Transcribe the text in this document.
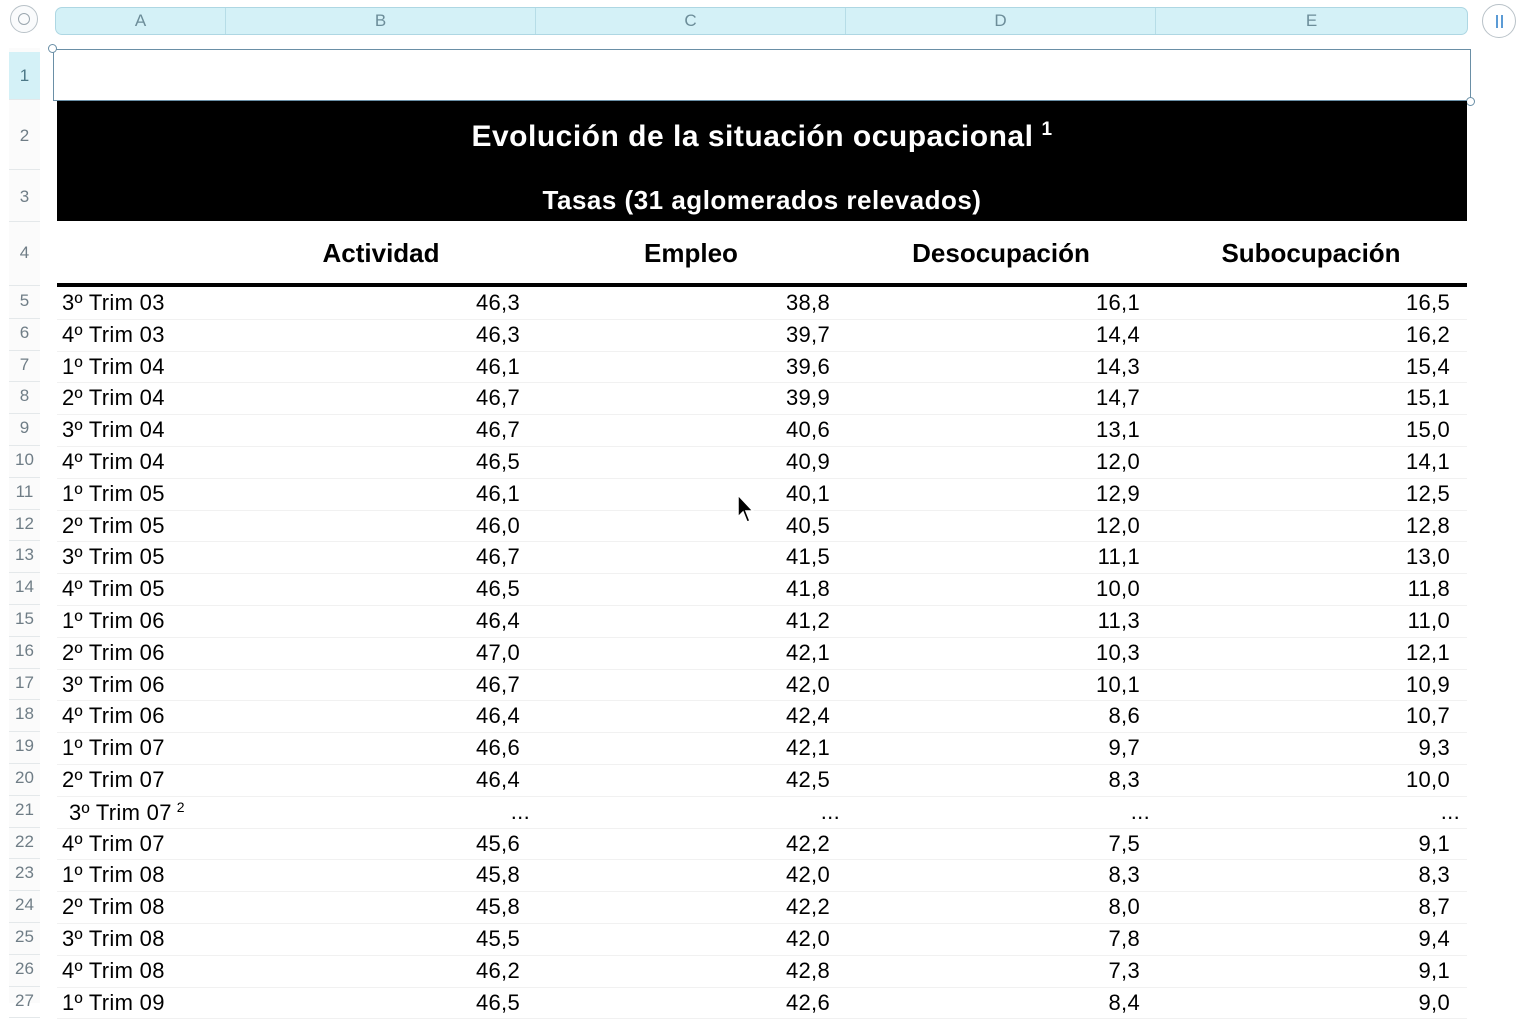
A	B	C	D	E
1
2
3
4
5
6
7
8
9
10
11
12
13
14
15
16
17
18
19
20
21
22
23
24
25
26
27
Evolución de la situación ocupacional $^1$
Tasas (31 aglomerados relevados)
Actividad	Empleo	Desocupación	Subocupación
3º Trim 03	46,3	38,8	16,1	16,5
4º Trim 03	46,3	39,7	14,4	16,2
1º Trim 04	46,1	39,6	14,3	15,4
2º Trim 04	46,7	39,9	14,7	15,1
3º Trim 04	46,7	40,6	13,1	15,0
4º Trim 04	46,5	40,9	12,0	14,1
1º Trim 05	46,1	40,1	12,9	12,5
2º Trim 05	46,0	40,5	12,0	12,8
3º Trim 05	46,7	41,5	11,1	13,0
4º Trim 05	46,5	41,8	10,0	11,8
1º Trim 06	46,4	41,2	11,3	11,0
2º Trim 06	47,0	42,1	10,3	12,1
3º Trim 06	46,7	42,0	10,1	10,9
4º Trim 06	46,4	42,4	8,6	10,7
1º Trim 07	46,6	42,1	9,7	9,3
2º Trim 07	46,4	42,5	8,3	10,0
3º Trim 07 $^2$	...	...	...	...
4º Trim 07	45,6	42,2	7,5	9,1
1º Trim 08	45,8	42,0	8,3	8,3
2º Trim 08	45,8	42,2	8,0	8,7
3º Trim 08	45,5	42,0	7,8	9,4
4º Trim 08	46,2	42,8	7,3	9,1
1º Trim 09	46,5	42,6	8,4	9,0
